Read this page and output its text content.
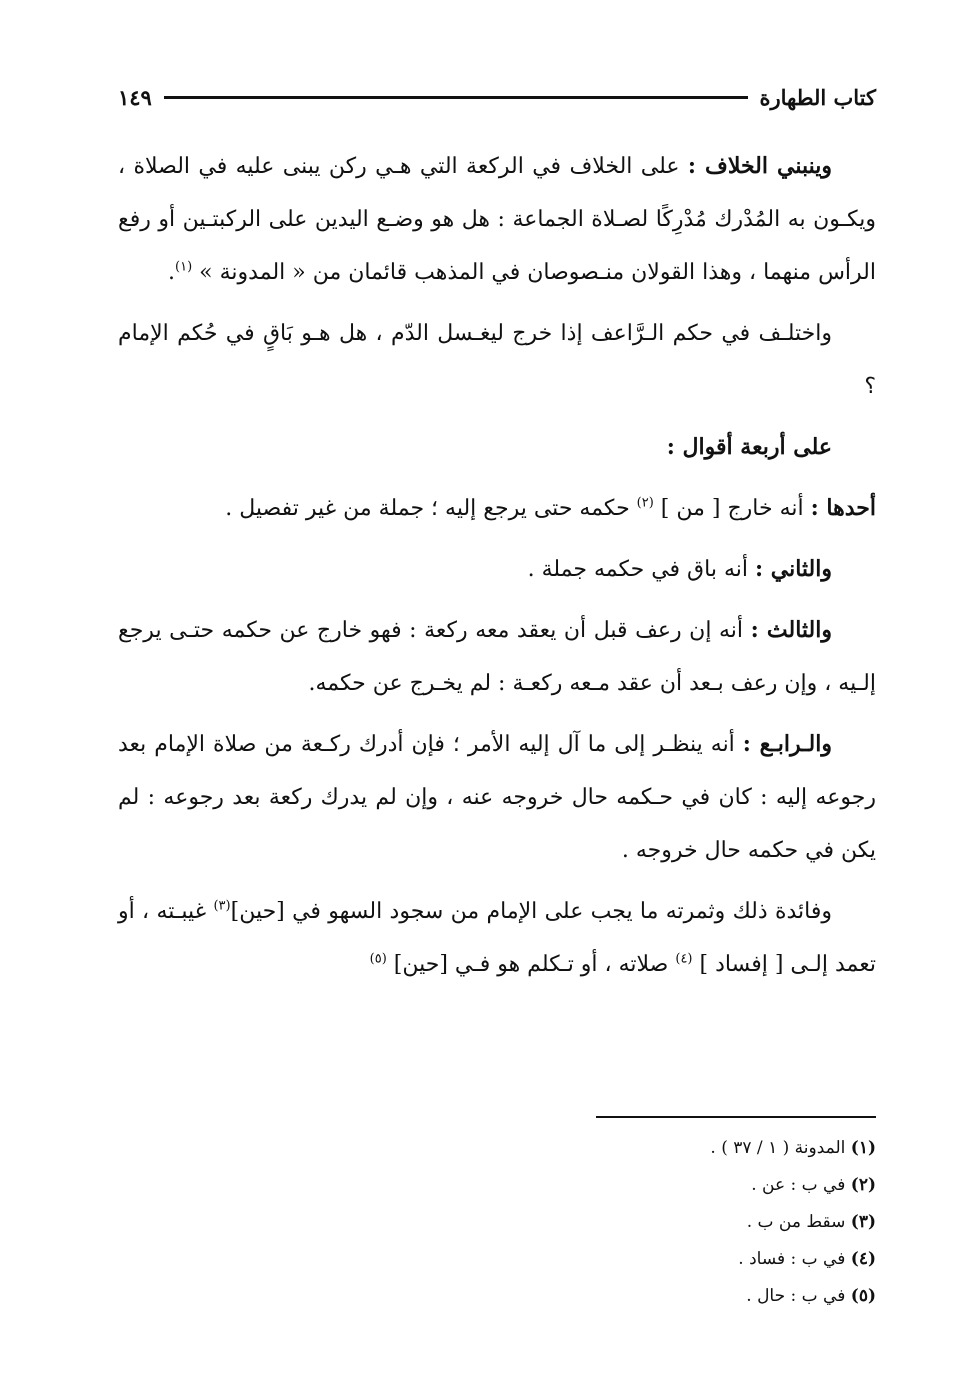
كتاب الطهارة
١٤٩

وينبني الخلاف : على الخلاف في الركعة التي هـي ركن يبنى عليه في الصلاة ، ويكـون به المُدْرك مُدْرِكًا لصـلاة الجماعة : هل هو وضـع اليدين على الركبتـين أو رفع الرأس منهما ، وهذا القولان منـصوصان في المذهب قائمان من « المدونة » $^{(١)}$.

واختلـف في حكم الـرَّاعف إذا خرج ليغـسل الدّم ، هل هـو بَاقٍ في حُكم الإمام ؟

على أربعة أقوال :

أحدها : أنه خارج [ من ] $^{(٢)}$ حكمه حتى يرجع إليه ؛ جملة من غير تفصيل .

والثاني : أنه باق في حكمه جملة .

والثالث : أنه إن رعف قبل أن يعقد معه ركعة : فهو خارج عن حكمه حتـى يرجع إلـيه ، وإن رعف بـعد أن عقد مـعه ركعـة : لم يخـرج عن حكمه.

والـرابـع : أنه ينظـر إلى ما آل إليه الأمر ؛ فإن أدرك ركـعة من صلاة الإمام بعد رجوعه إليه : كان في حـكمه حال خروجه عنه ، وإن لم يدرك ركعة بعد رجوعه : لم يكن في حكمه حال خروجه .

وفائدة ذلك وثمرته ما يجب على الإمام من سجود السهو في [حين]$^{(٣)}$ غيبـته ، أو تعمد إلـى [ إفساد ] $^{(٤)}$ صلاته ، أو تـكلم هو فـي [حين] $^{(٥)}$

(١) المدونة ( ١ / ٣٧ ) .

(٢) في ب : عن .

(٣) سقط من ب .

(٤) في ب : فساد .

(٥) في ب : حال .
